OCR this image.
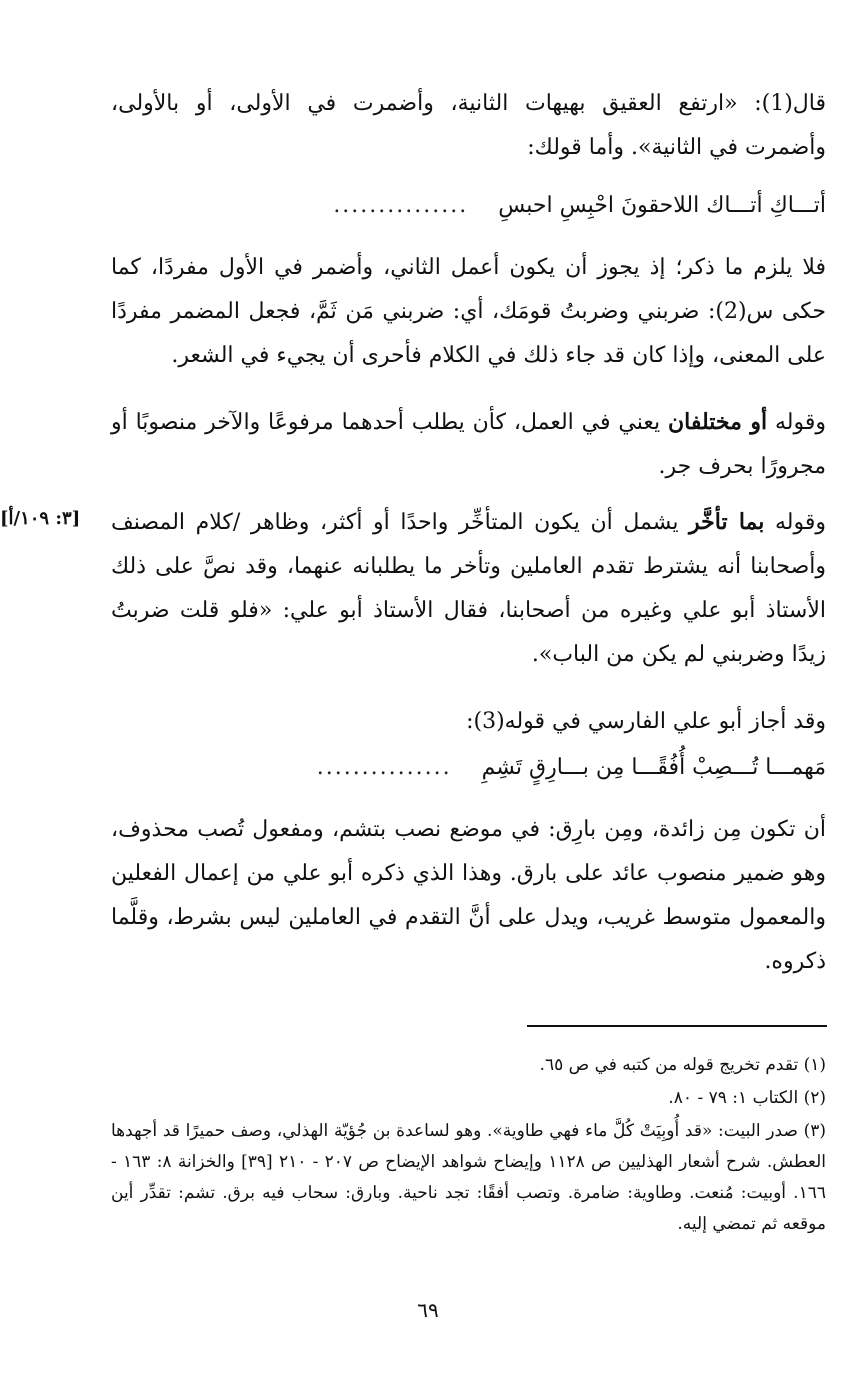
قال(1): «ارتفع العقيق بهيهات الثانية، وأضمرت في الأولى، أو بالأولى، وأضمرت في الثانية». وأما قولك:

أتـــاكِ أتـــاك اللاحقونَ احْبِسِ احبسِ
...............

فلا يلزم ما ذكر؛ إذ يجوز أن يكون أعمل الثاني، وأضمر في الأول مفردًا، كما حكى س(2): ضربني وضربتُ قومَك، أي: ضربني مَن ثَمَّ، فجعل المضمر مفردًا على المعنى، وإذا كان قد جاء ذلك في الكلام فأحرى أن يجيء في الشعر.

وقوله أو مختلفان يعني في العمل، كأن يطلب أحدهما مرفوعًا والآخر منصوبًا أو مجرورًا بحرف جر.

[٣: ١٠٩/أ]	وقوله بما تأخَّر يشمل أن يكون المتأخِّر واحدًا أو أكثر، وظاهر /كلام المصنف وأصحابنا أنه يشترط تقدم العاملين وتأخر ما يطلبانه عنهما، وقد نصَّ على ذلك الأستاذ أبو علي وغيره من أصحابنا، فقال الأستاذ أبو علي: «فلو قلت ضربتُ زيدًا وضربني لم يكن من الباب».

وقد أجاز أبو علي الفارسي في قوله(3):

مَهمـــا تُـــصِبْ أُفُقًـــا مِن بـــارِقٍ تَشِمِ
...............

أن تكون مِن زائدة، ومِن بارِق: في موضع نصب بتشم، ومفعول تُصب محذوف، وهو ضمير منصوب عائد على بارق. وهذا الذي ذكره أبو علي من إعمال الفعلين والمعمول متوسط غريب، ويدل على أنَّ التقدم في العاملين ليس بشرط، وقلَّما ذكروه.

(١) تقدم تخريج قوله من كتبه في ص ٦٥.

(٢) الكتاب ١: ٧٩ - ٨٠.

(٣) صدر البيت: «قد أُوبِيَتْ كُلَّ ماء فهي طاوية». وهو لساعدة بن جُؤيّة الهذلي، وصف حميرًا قد أجهدها العطش. شرح أشعار الهذليين ص ١١٢٨ وإيضاح شواهد الإيضاح ص ٢٠٧ - ٢١٠ [٣٩] والخزانة ٨: ١٦٣ - ١٦٦. أوبيت: مُنعت. وطاوية: ضامرة. وتصب أفقًا: تجد ناحية. وبارق: سحاب فيه برق. تشم: تقدِّر أين موقعه ثم تمضي إليه.

٦٩
